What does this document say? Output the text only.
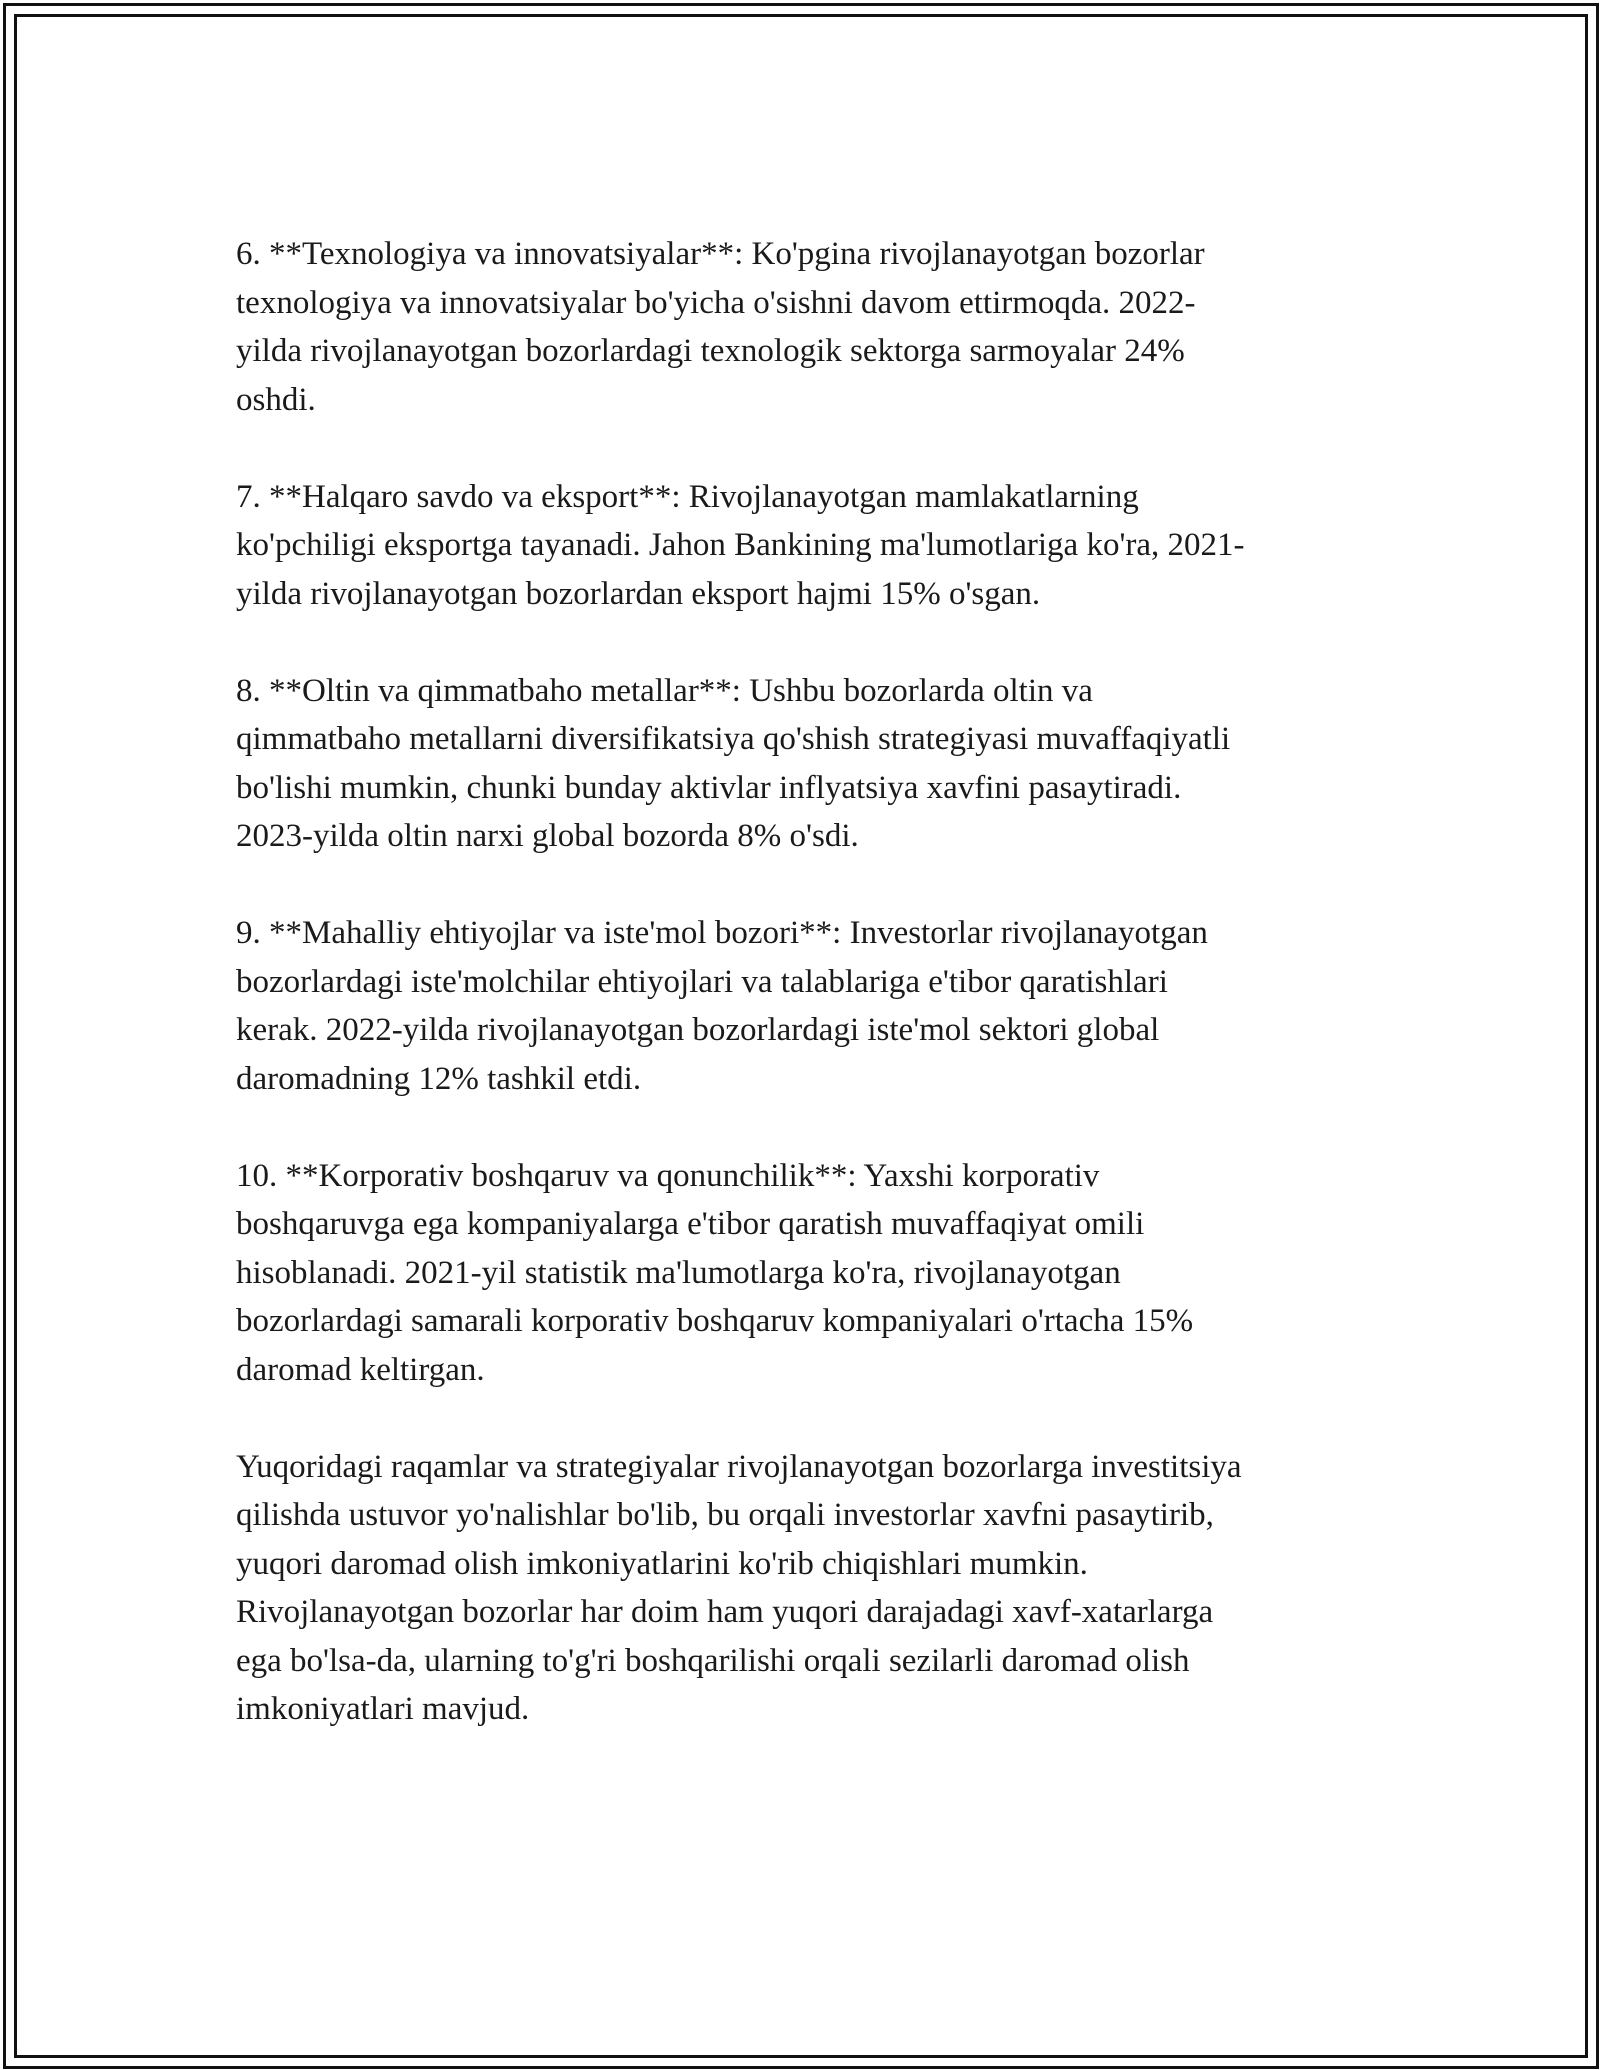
6. **Texnologiya va innovatsiyalar**: Ko'pgina rivojlanayotgan bozorlar
texnologiya va innovatsiyalar bo'yicha o'sishni davom ettirmoqda. 2022-
yilda rivojlanayotgan bozorlardagi texnologik sektorga sarmoyalar 24%
oshdi.

7. **Halqaro savdo va eksport**: Rivojlanayotgan mamlakatlarning
ko'pchiligi eksportga tayanadi. Jahon Bankining ma'lumotlariga ko'ra, 2021-
yilda rivojlanayotgan bozorlardan eksport hajmi 15% o'sgan.

8. **Oltin va qimmatbaho metallar**: Ushbu bozorlarda oltin va
qimmatbaho metallarni diversifikatsiya qo'shish strategiyasi muvaffaqiyatli
bo'lishi mumkin, chunki bunday aktivlar inflyatsiya xavfini pasaytiradi.
2023-yilda oltin narxi global bozorda 8% o'sdi.

9. **Mahalliy ehtiyojlar va iste'mol bozori**: Investorlar rivojlanayotgan
bozorlardagi iste'molchilar ehtiyojlari va talablariga e'tibor qaratishlari
kerak. 2022-yilda rivojlanayotgan bozorlardagi iste'mol sektori global
daromadning 12% tashkil etdi.

10. **Korporativ boshqaruv va qonunchilik**: Yaxshi korporativ
boshqaruvga ega kompaniyalarga e'tibor qaratish muvaffaqiyat omili
hisoblanadi. 2021-yil statistik ma'lumotlarga ko'ra, rivojlanayotgan
bozorlardagi samarali korporativ boshqaruv kompaniyalari o'rtacha 15%
daromad keltirgan.

Yuqoridagi raqamlar va strategiyalar rivojlanayotgan bozorlarga investitsiya
qilishda ustuvor yo'nalishlar bo'lib, bu orqali investorlar xavfni pasaytirib,
yuqori daromad olish imkoniyatlarini ko'rib chiqishlari mumkin.
Rivojlanayotgan bozorlar har doim ham yuqori darajadagi xavf-xatarlarga
ega bo'lsa-da, ularning to'g'ri boshqarilishi orqali sezilarli daromad olish
imkoniyatlari mavjud.
